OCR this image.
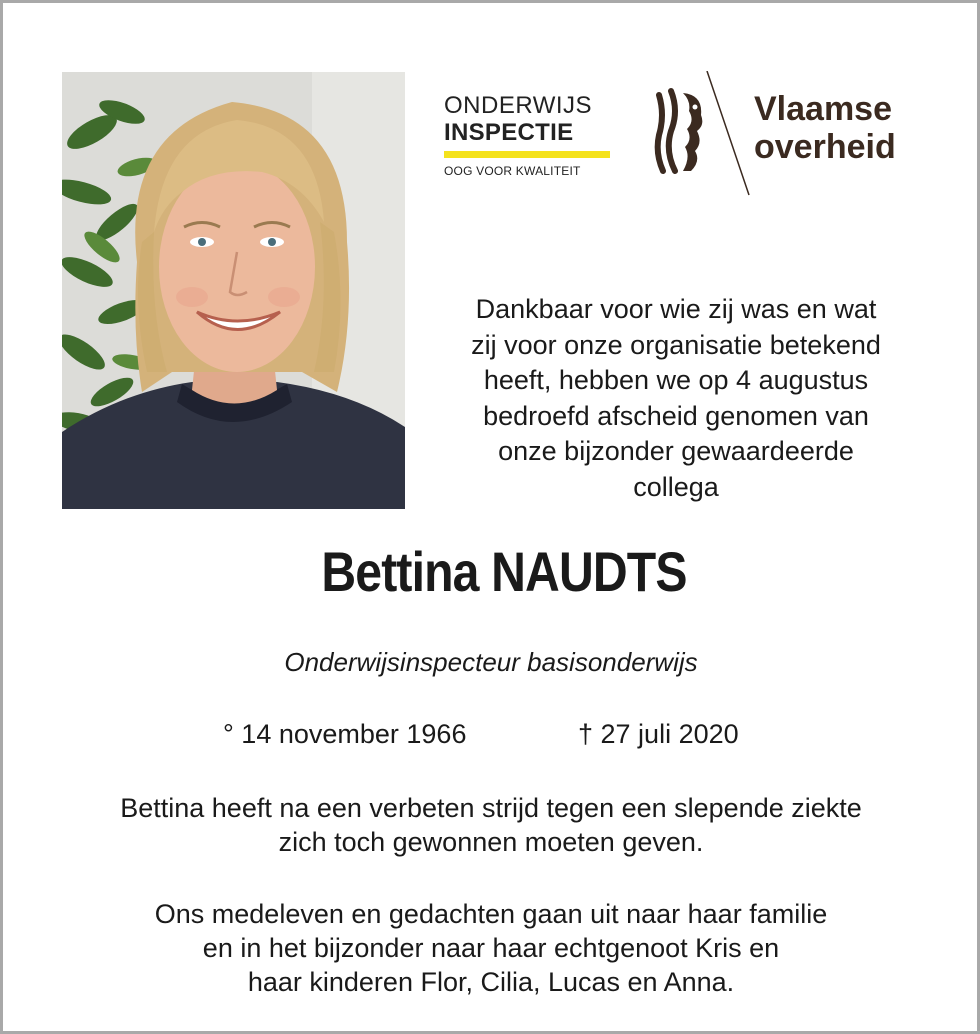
ONDERWIJS
INSPECTIE
OOG VOOR KWALITEIT
Vlaamse
overheid
Dankbaar voor wie zij was en wat
zij voor onze organisatie betekend
heeft, hebben we op 4 augustus
bedroefd afscheid genomen van
onze bijzonder gewaardeerde
collega
Bettina NAUDTS
Onderwijsinspecteur basisonderwijs
° 14 november 1966	† 27 juli 2020
Bettina heeft na een verbeten strijd tegen een slepende ziekte
zich toch gewonnen moeten geven.
Ons medeleven en gedachten gaan uit naar haar familie
en in het bijzonder naar haar echtgenoot Kris en
haar kinderen Flor, Cilia, Lucas en Anna.
